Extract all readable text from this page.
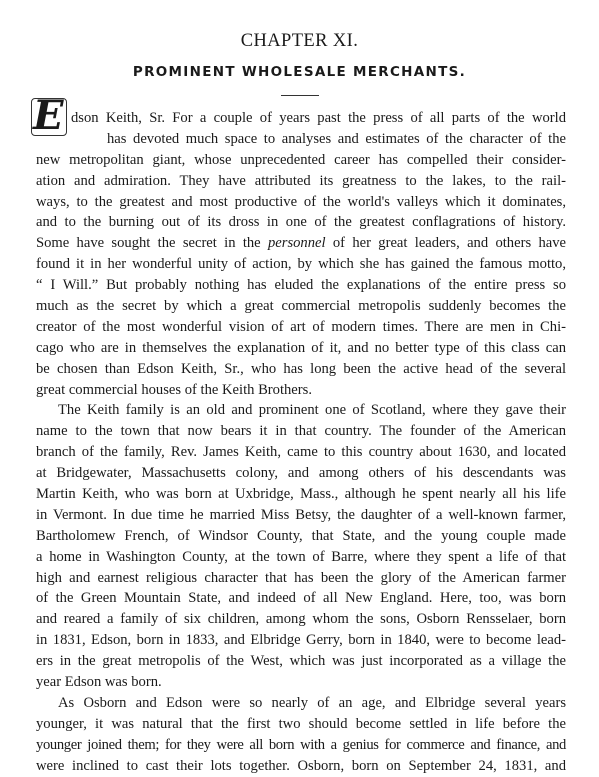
CHAPTER XI.
PROMINENT WHOLESALE MERCHANTS.
E dson Keith, Sr. For a couple of years past the press of all parts of the world
has devoted much space to analyses and estimates of the character of the
new metropolitan giant, whose unprecedented career has compelled their consider-
ation and admiration. They have attributed its greatness to the lakes, to the rail-
ways, to the greatest and most productive of the world's valleys which it dominates,
and to the burning out of its dross in one of the greatest conflagrations of history.
Some have sought the secret in the personnel of her great leaders, and others have
found it in her wonderful unity of action, by which she has gained the famous motto,
“ I Will.” But probably nothing has eluded the explanations of the entire press so
much as the secret by which a great commercial metropolis suddenly becomes the
creator of the most wonderful vision of art of modern times. There are men in Chi-
cago who are in themselves the explanation of it, and no better type of this class can
be chosen than Edson Keith, Sr., who has long been the active head of the several
great commercial houses of the Keith Brothers.
The Keith family is an old and prominent one of Scotland, where they gave their
name to the town that now bears it in that country. The founder of the American
branch of the family, Rev. James Keith, came to this country about 1630, and located
at Bridgewater, Massachusetts colony, and among others of his descendants was
Martin Keith, who was born at Uxbridge, Mass., although he spent nearly all his life
in Vermont. In due time he married Miss Betsy, the daughter of a well-known farmer,
Bartholomew French, of Windsor County, that State, and the young couple made
a home in Washington County, at the town of Barre, where they spent a life of that
high and earnest religious character that has been the glory of the American farmer
of the Green Mountain State, and indeed of all New England. Here, too, was born
and reared a family of six children, among whom the sons, Osborn Rensselaer, born
in 1831, Edson, born in 1833, and Elbridge Gerry, born in 1840, were to become lead-
ers in the great metropolis of the West, which was just incorporated as a village the
year Edson was born.
As Osborn and Edson were so nearly of an age, and Elbridge several years
younger, it was natural that the first two should become settled in life before the
younger joined them; for they were all born with a genius for commerce and finance, and
were inclined to cast their lots together. Osborn, born on September 24, 1831, and
